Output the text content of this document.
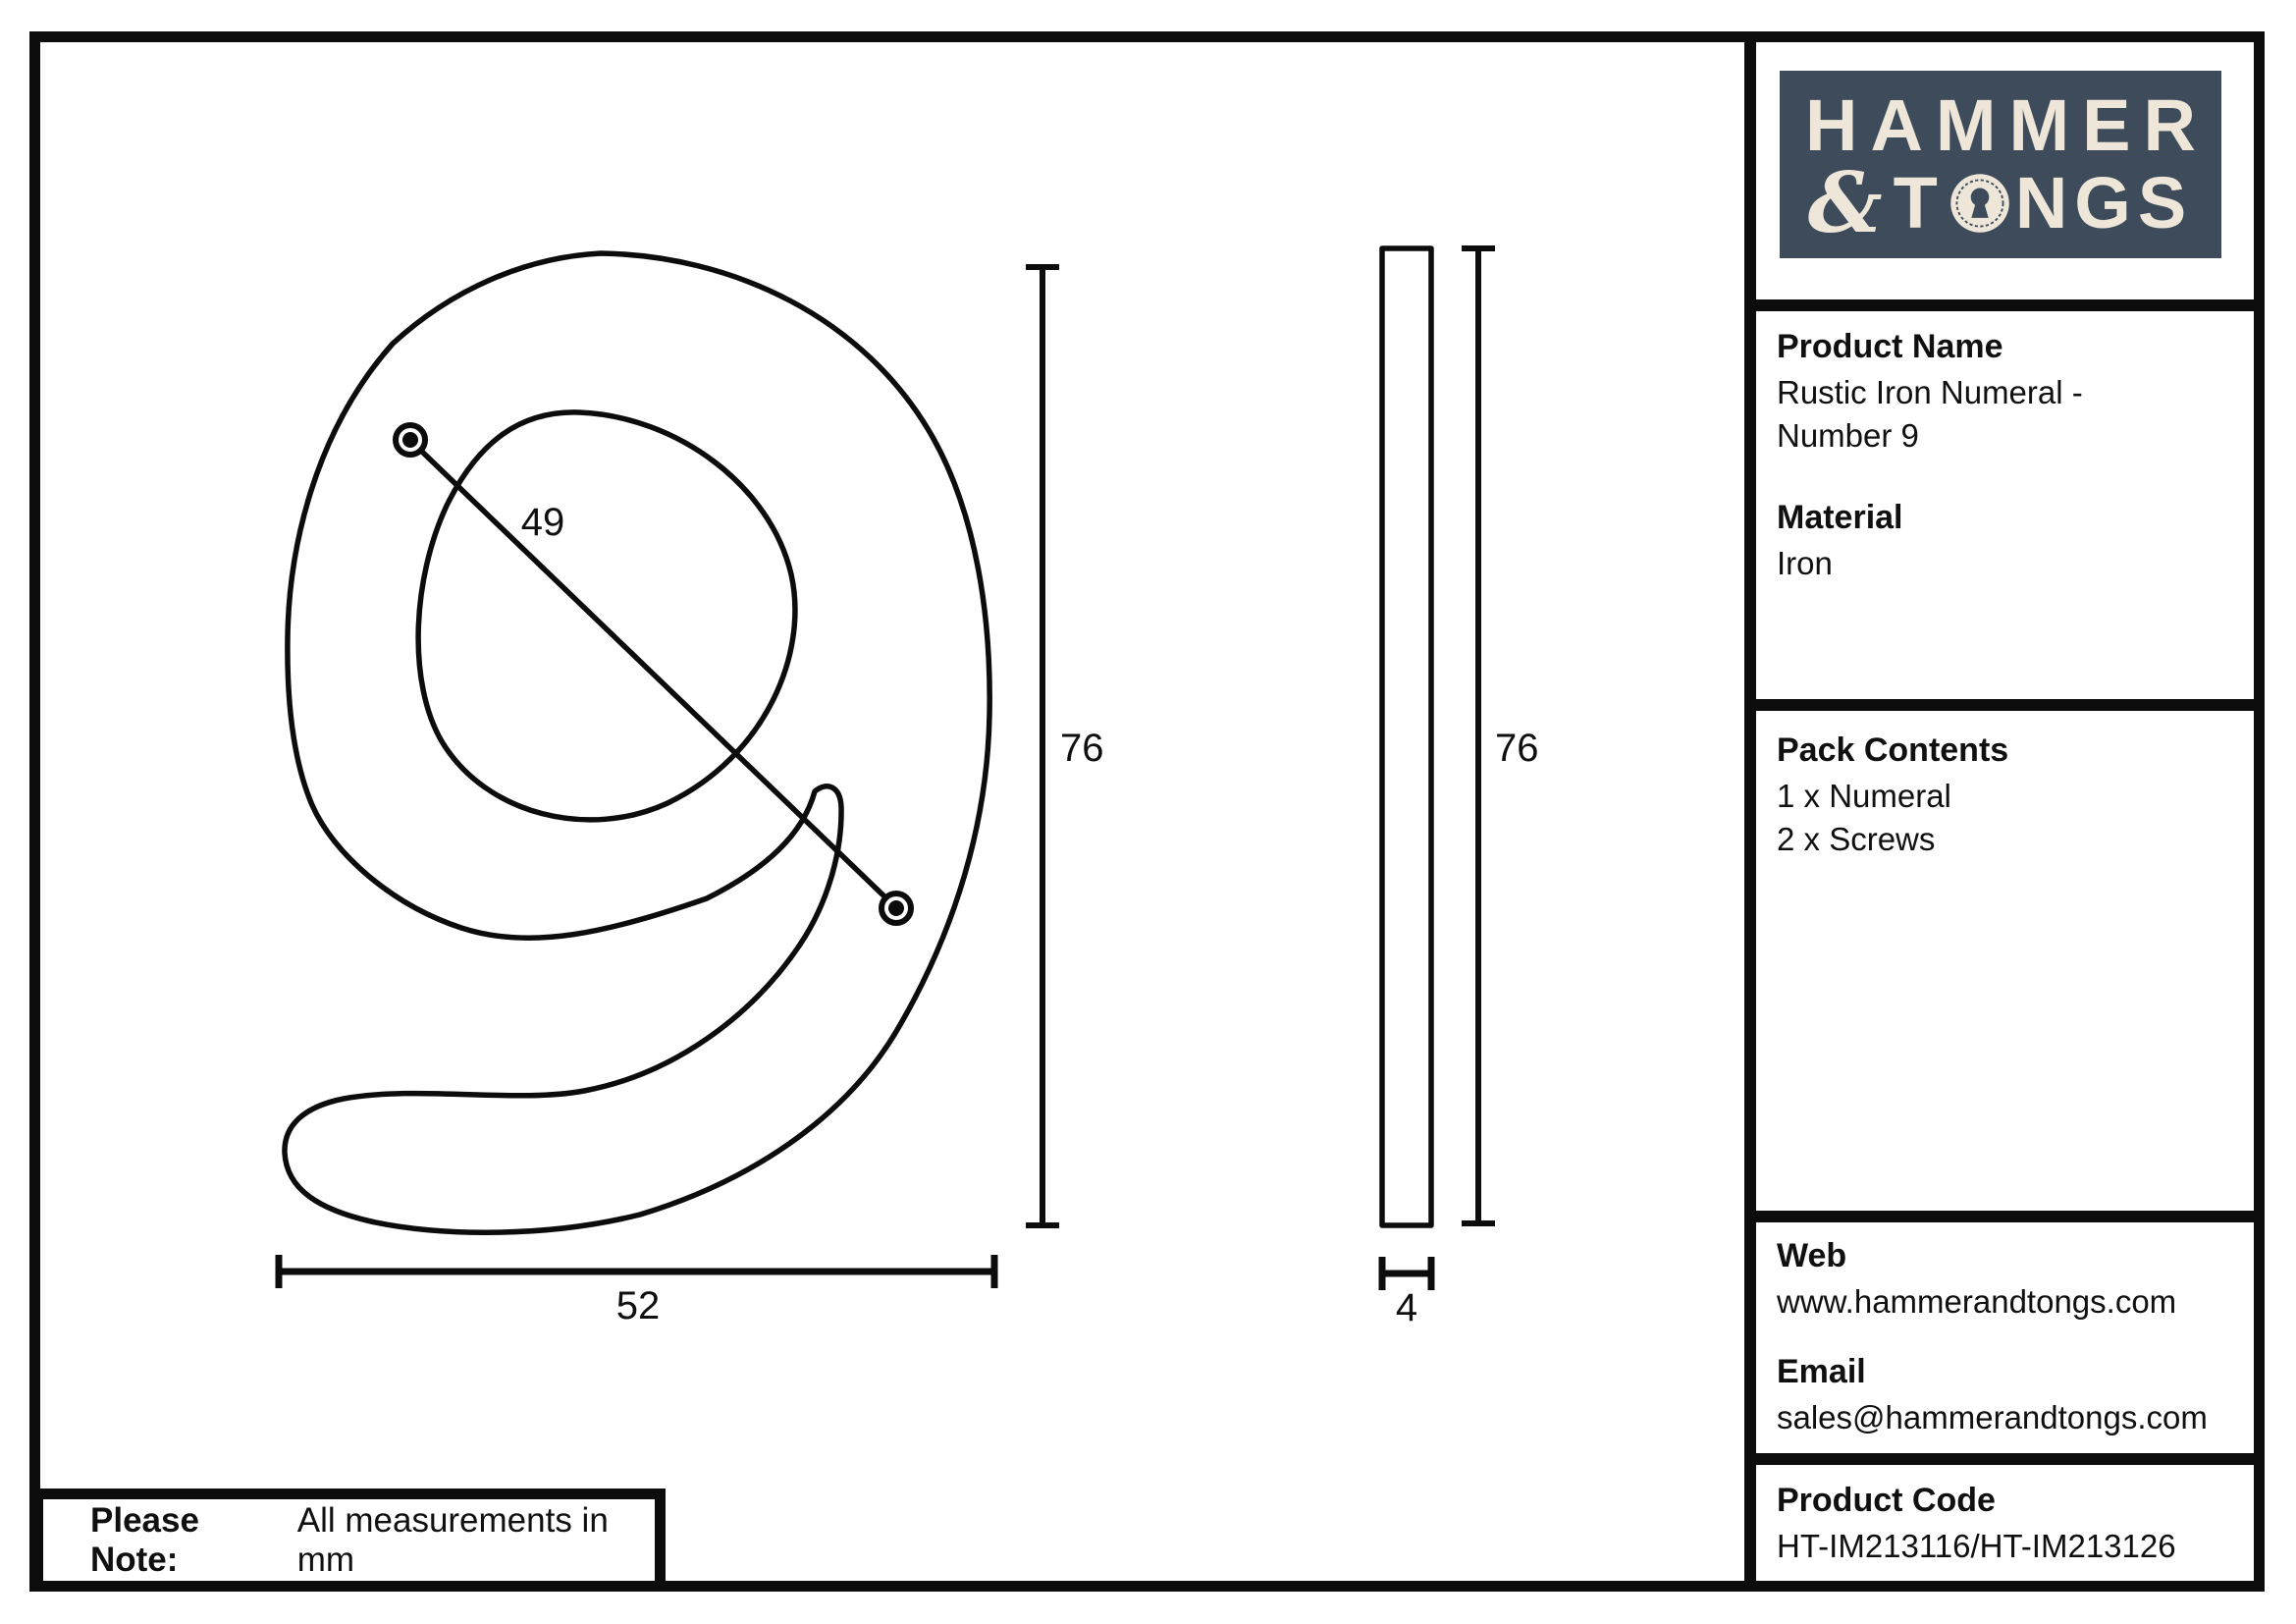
49
76	76
52	4
HAMMER
& T NGS
Product Name

Rustic Iron Numeral -

Number 9

Material

Iron

Pack Contents

1 x Numeral

2 x Screws

Web

www.hammerandtongs.com

Email

sales@hammerandtongs.com

Product Code

HT-IM213116/HT-IM213126

Please Note:
All measurements in mm
